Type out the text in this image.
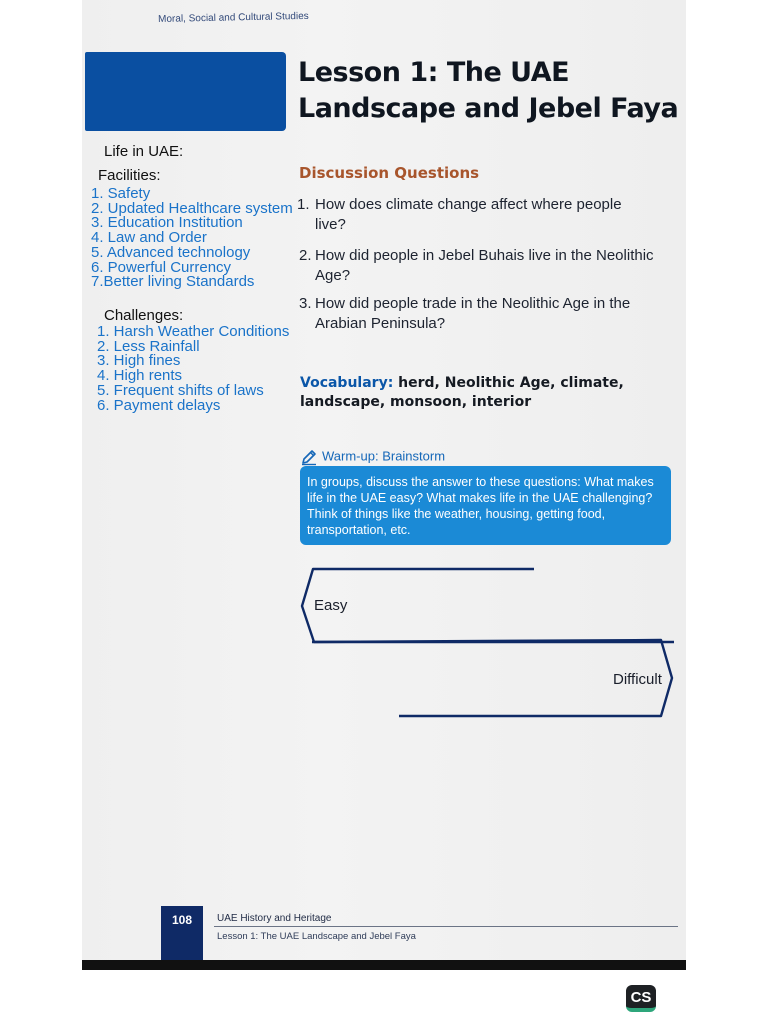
Moral, Social and Cultural Studies
Lesson 1: The UAE
Landscape and Jebel Faya
Life in UAE:
Facilities:
1. Safety
2. Updated Healthcare system
3. Education Institution
4. Law and Order
5. Advanced technology
6. Powerful Currency
7.Better living Standards
Challenges:
1. Harsh Weather Conditions
2. Less Rainfall
3. High fines
4. High rents
5. Frequent shifts of laws
6. Payment delays
Discussion Questions
1. How does climate change affect where people
live?
2. How did people in Jebel Buhais live in the Neolithic
Age?
3. How did people trade in the Neolithic Age in the
Arabian Peninsula?
Vocabulary: herd, Neolithic Age, climate,
landscape, monsoon, interior
Warm-up: Brainstorm
In groups, discuss the answer to these questions: What makes life in the UAE easy? What makes life in the UAE challenging? Think of things like the weather, housing, getting food, transportation, etc.
Easy
Difficult
108	UAE History and Heritage
Lesson 1: The UAE Landscape and Jebel Faya
CS
